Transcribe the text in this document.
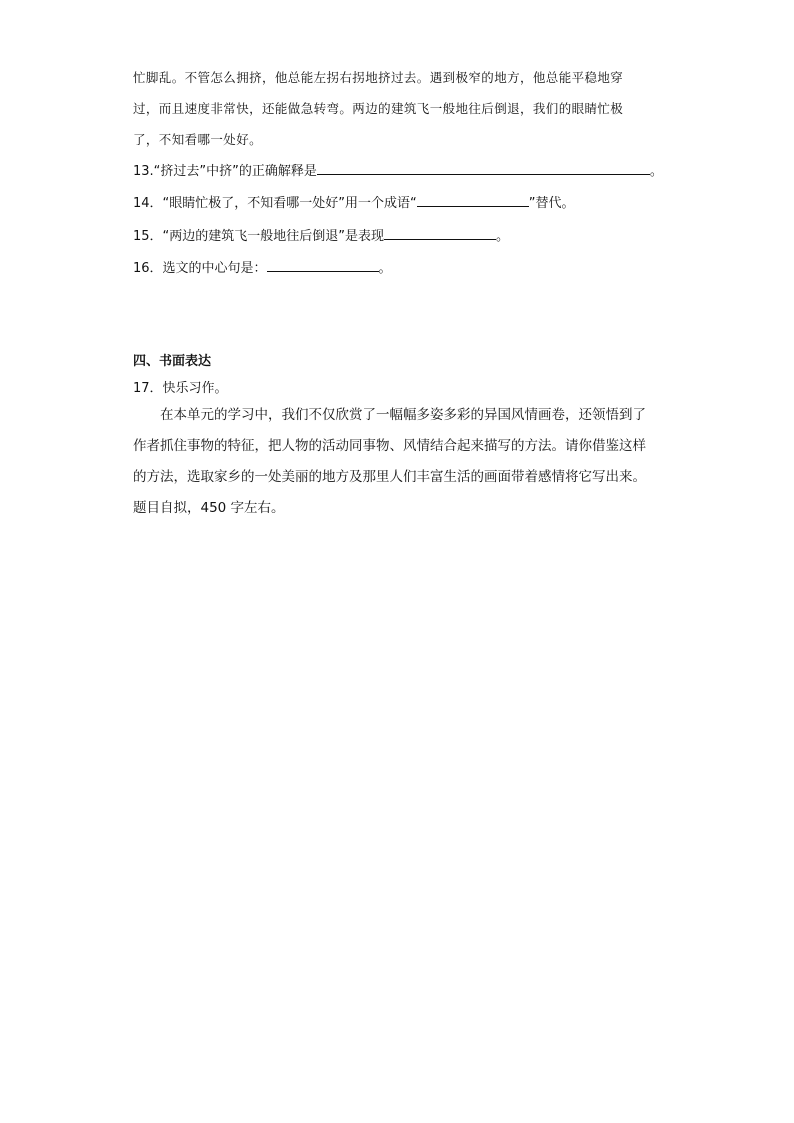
忙脚乱。不管怎么拥挤，他总能左拐右拐地挤过去。遇到极窄的地方，他总能平稳地穿

过，而且速度非常快，还能做急转弯。两边的建筑飞一般地往后倒退，我们的眼睛忙极

了，不知看哪一处好。

13.“挤过去”中挤”的正确解释是	。
14．“眼睛忙极了，不知看哪一处好”用一个成语“	”替代。
15．“两边的建筑飞一般地往后倒退”是表现	。
16．选文的中心句是：	。
四、书面表达
17．快乐习作。

在本单元的学习中，我们不仅欣赏了一幅幅多姿多彩的异国风情画卷，还领悟到了

作者抓住事物的特征，把人物的活动同事物、风情结合起来描写的方法。请你借鉴这样

的方法，选取家乡的一处美丽的地方及那里人们丰富生活的画面带着感情将它写出来。

题目自拟，450 字左右。
